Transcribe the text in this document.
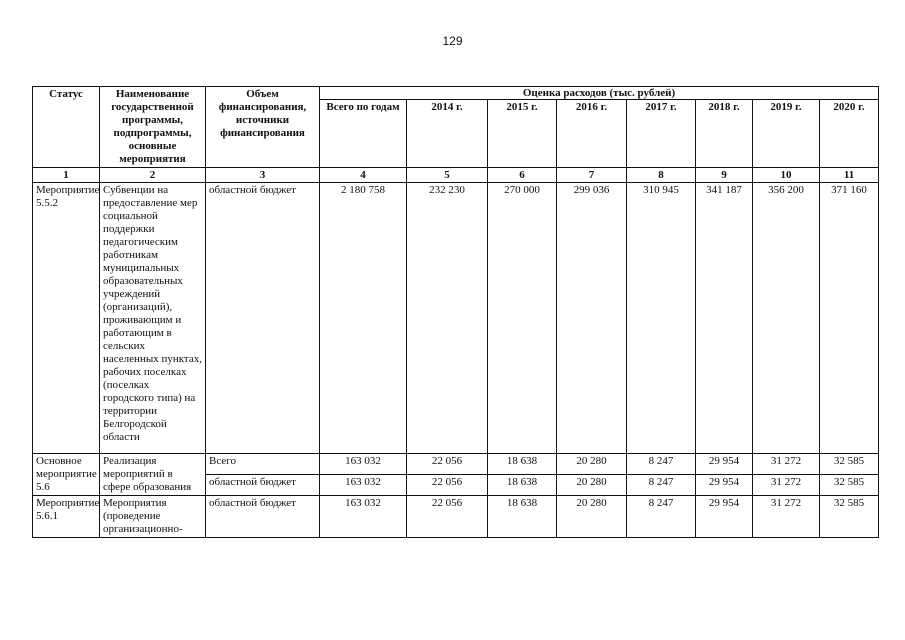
129
Статус	Наименование государственной программы, подпрограммы, основные мероприятия	Объем финансирования, источники финансирования	Оценка расходов (тыс. рублей)							
			Всего по годам	2014 г.	2015 г.	2016 г.	2017 г.	2018 г.	2019 г.	2020 г.
1	2	3	4	5	6	7	8	9	10	11
Мероприятие 5.5.2	Субвенции на предоставление мер социальной поддержки педагогическим работникам муниципальных образовательных учреждений (организаций), проживающим и работающим в сельских населенных пунктах, рабочих поселках (поселках городского типа) на территории Белгородской области	областной бюджет	2 180 758	232 230	270 000	299 036	310 945	341 187	356 200	371 160
Основное мероприятие 5.6	Реализация мероприятий в сфере образования	Всего	163 032	22 056	18 638	20 280	8 247	29 954	31 272	32 585
		областной бюджет	163 032	22 056	18 638	20 280	8 247	29 954	31 272	32 585
Мероприятие 5.6.1	Мероприятия (проведение организационно-	областной бюджет	163 032	22 056	18 638	20 280	8 247	29 954	31 272	32 585
